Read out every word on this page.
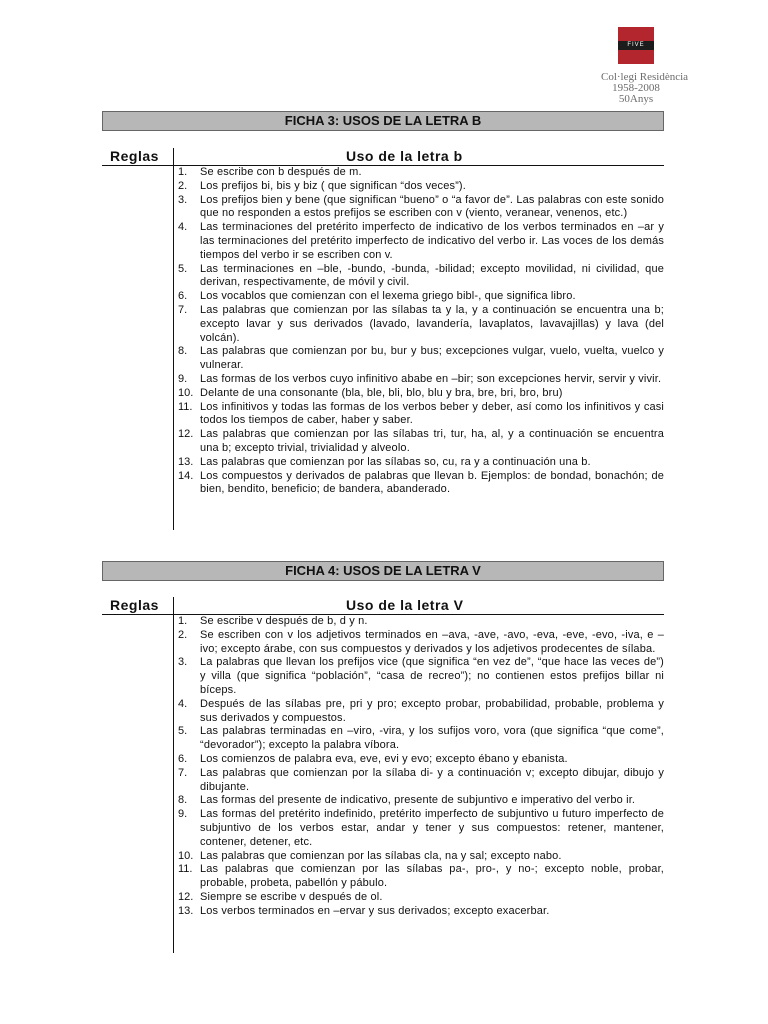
FIVE
Col·legi Residència
1958-2008
50Anys
FICHA 3: USOS DE LA LETRA B
Reglas	Uso de la letra b
1.	Se escribe con b después de m.
2.	Los prefijos bi, bis y biz ( que significan “dos veces”).
3.	Los prefijos bien y bene (que significan “bueno” o “a favor de”. Las palabras con este sonido que no responden a estos prefijos se escriben con v (viento, veranear, venenos, etc.)
4.	Las terminaciones del pretérito imperfecto de indicativo de los verbos terminados en –ar y las terminaciones del pretérito imperfecto de indicativo del verbo ir. Las voces de los demás tiempos del verbo ir se escriben con v.
5.	Las terminaciones en –ble, -bundo, -bunda, -bilidad; excepto movilidad, ni civilidad, que derivan, respectivamente, de móvil y civil.
6.	Los vocablos que comienzan con el lexema griego bibl-, que significa libro.
7.	Las palabras que comienzan por las sílabas ta y la, y a continuación se encuentra una b; excepto lavar y sus derivados (lavado, lavandería, lavaplatos, lavavajillas) y lava (del volcán).
8.	Las palabras que comienzan por bu, bur y bus; excepciones vulgar, vuelo, vuelta, vuelco y vulnerar.
9.	Las formas de los verbos cuyo infinitivo ababe en –bir; son excepciones hervir, servir y vivir.
10. Delante de una consonante (bla, ble, bli, blo, blu y bra, bre, bri, bro, bru)
11. Los infinitivos y todas las formas de los verbos beber y deber, así como los infinitivos y casi todos los tiempos de caber, haber y saber.
12. Las palabras que comienzan por las sílabas tri, tur, ha, al, y a continuación se encuentra una b; excepto trivial, trivialidad y alveolo.
13. Las palabras que comienzan por las sílabas so, cu, ra y a continuación una b.
14. Los compuestos y derivados de palabras que llevan b. Ejemplos: de bondad, bonachón; de bien, bendito, beneficio; de bandera, abanderado.
FICHA 4: USOS DE LA LETRA V
Reglas	Uso de la letra V
1.	Se escribe v después de b, d y n.
2.	Se escriben con v los adjetivos terminados en –ava, -ave, -avo, -eva, -eve, -evo, -iva, e –ivo; excepto árabe, con sus compuestos y derivados y los adjetivos prodecentes de sílaba.
3.	La palabras que llevan los prefijos vice (que significa “en vez de”, “que hace las veces de”) y villa (que significa “población”, “casa de recreo”); no contienen estos prefijos billar ni bíceps.
4.	Después de las sílabas pre, pri y pro; excepto probar, probabilidad, probable, problema y sus derivados y compuestos.
5.	Las palabras terminadas en –viro, -vira, y los sufijos voro, vora (que significa “que come”, “devorador”); excepto la palabra víbora.
6.	Los comienzos de palabra eva, eve, evi y evo; excepto ébano y ebanista.
7.	Las palabras que comienzan por la sílaba di- y a continuación v; excepto dibujar, dibujo y dibujante.
8.	Las formas del presente de indicativo, presente de subjuntivo e imperativo del verbo ir.
9.	Las formas del pretérito indefinido, pretérito imperfecto de subjuntivo u futuro imperfecto de subjuntivo de los verbos estar, andar y tener y sus compuestos: retener, mantener, contener, detener, etc.
10. Las palabras que comienzan por las sílabas cla, na y sal; excepto nabo.
11. Las palabras que comienzan por las sílabas pa-, pro-, y no-; excepto noble, probar, probable, probeta, pabellón y pábulo.
12. Siempre se escribe v después de ol.
13. Los verbos terminados en –ervar y sus derivados; excepto exacerbar.
